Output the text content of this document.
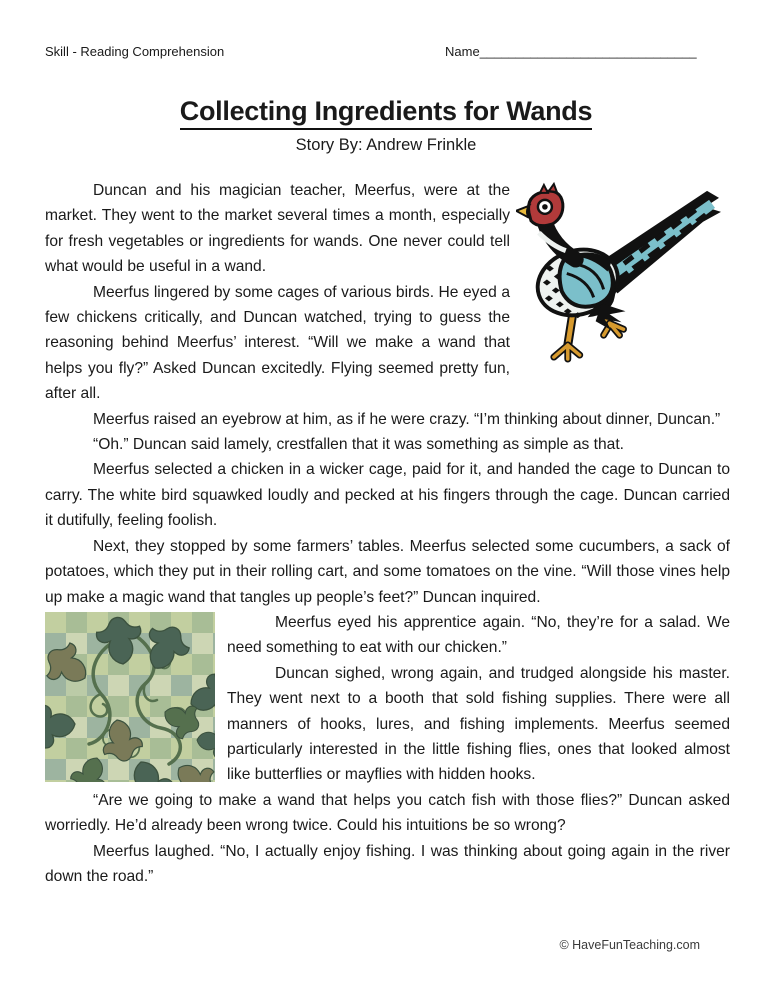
Skill - Reading Comprehension	Name______________________________
Collecting Ingredients for Wands
Story By: Andrew Frinkle

Duncan and his magician teacher, Meerfus, were at the market. They went to the market several times a month, especially for fresh vegetables or ingredients for wands. One never could tell what would be useful in a wand.

Meerfus lingered by some cages of various birds. He eyed a few chickens critically, and Duncan watched, trying to guess the reasoning behind Meerfus’ interest. “Will we make a wand that helps you fly?” Asked Duncan excitedly. Flying seemed pretty fun, after all.

Meerfus raised an eyebrow at him, as if he were crazy. “I’m thinking about dinner, Duncan.”

“Oh.” Duncan said lamely, crestfallen that it was something as simple as that.

Meerfus selected a chicken in a wicker cage, paid for it, and handed the cage to Duncan to carry. The white bird squawked loudly and pecked at his fingers through the cage. Duncan carried it dutifully, feeling foolish.

Next, they stopped by some farmers’ tables. Meerfus selected some cucumbers, a sack of potatoes, which they put in their rolling cart, and some tomatoes on the vine. “Will those vines help up make a magic wand that tangles up people’s feet?” Duncan inquired.

Meerfus eyed his apprentice again. “No, they’re for a salad. We need something to eat with our chicken.”

Duncan sighed, wrong again, and trudged alongside his master. They went next to a booth that sold fishing supplies. There were all manners of hooks, lures, and fishing implements. Meerfus seemed particularly interested in the little fishing flies, ones that looked almost like butterflies or mayflies with hidden hooks.

“Are we going to make a wand that helps you catch fish with those flies?” Duncan asked worriedly. He’d already been wrong twice. Could his intuitions be so wrong?

Meerfus laughed. “No, I actually enjoy fishing. I was thinking about going again in the river down the road.”

© HaveFunTeaching.com
